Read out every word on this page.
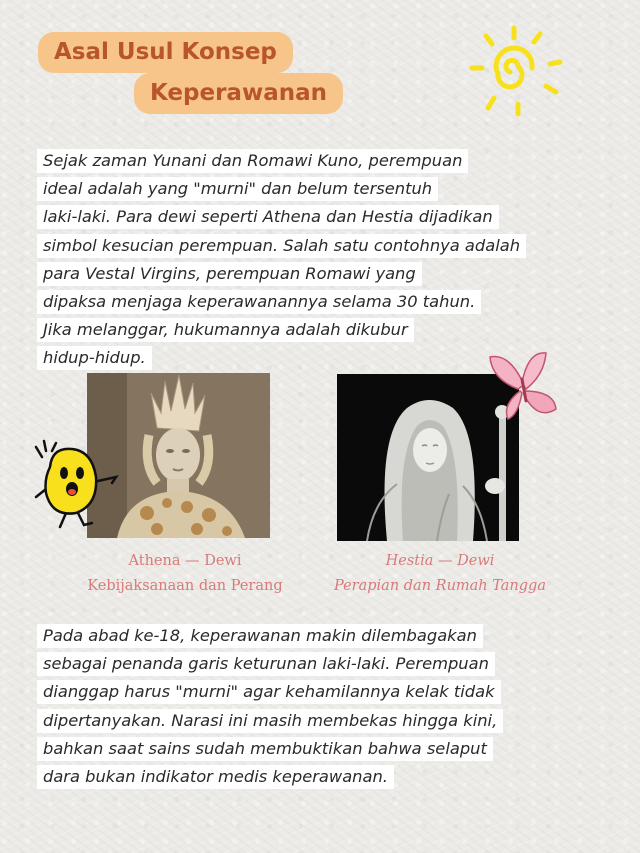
Asal Usul Konsep
Keperawanan
Sejak zaman Yunani dan Romawi Kuno, perempuan
ideal adalah yang "murni" dan belum tersentuh
laki-laki. Para dewi seperti Athena dan Hestia dijadikan
simbol kesucian perempuan. Salah satu contohnya adalah
para Vestal Virgins, perempuan Romawi yang
dipaksa menjaga keperawanannya selama 30 tahun.
Jika melanggar, hukumannya adalah dikubur
hidup-hidup.
Athena — Dewi
Kebijaksanaan dan Perang
Hestia — Dewi
Perapian dan Rumah Tangga
Pada abad ke-18, keperawanan makin dilembagakan
sebagai penanda garis keturunan laki-laki. Perempuan
dianggap harus "murni" agar kehamilannya kelak tidak
dipertanyakan. Narasi ini masih membekas hingga kini,
bahkan saat sains sudah membuktikan bahwa selaput
dara bukan indikator medis keperawanan.
